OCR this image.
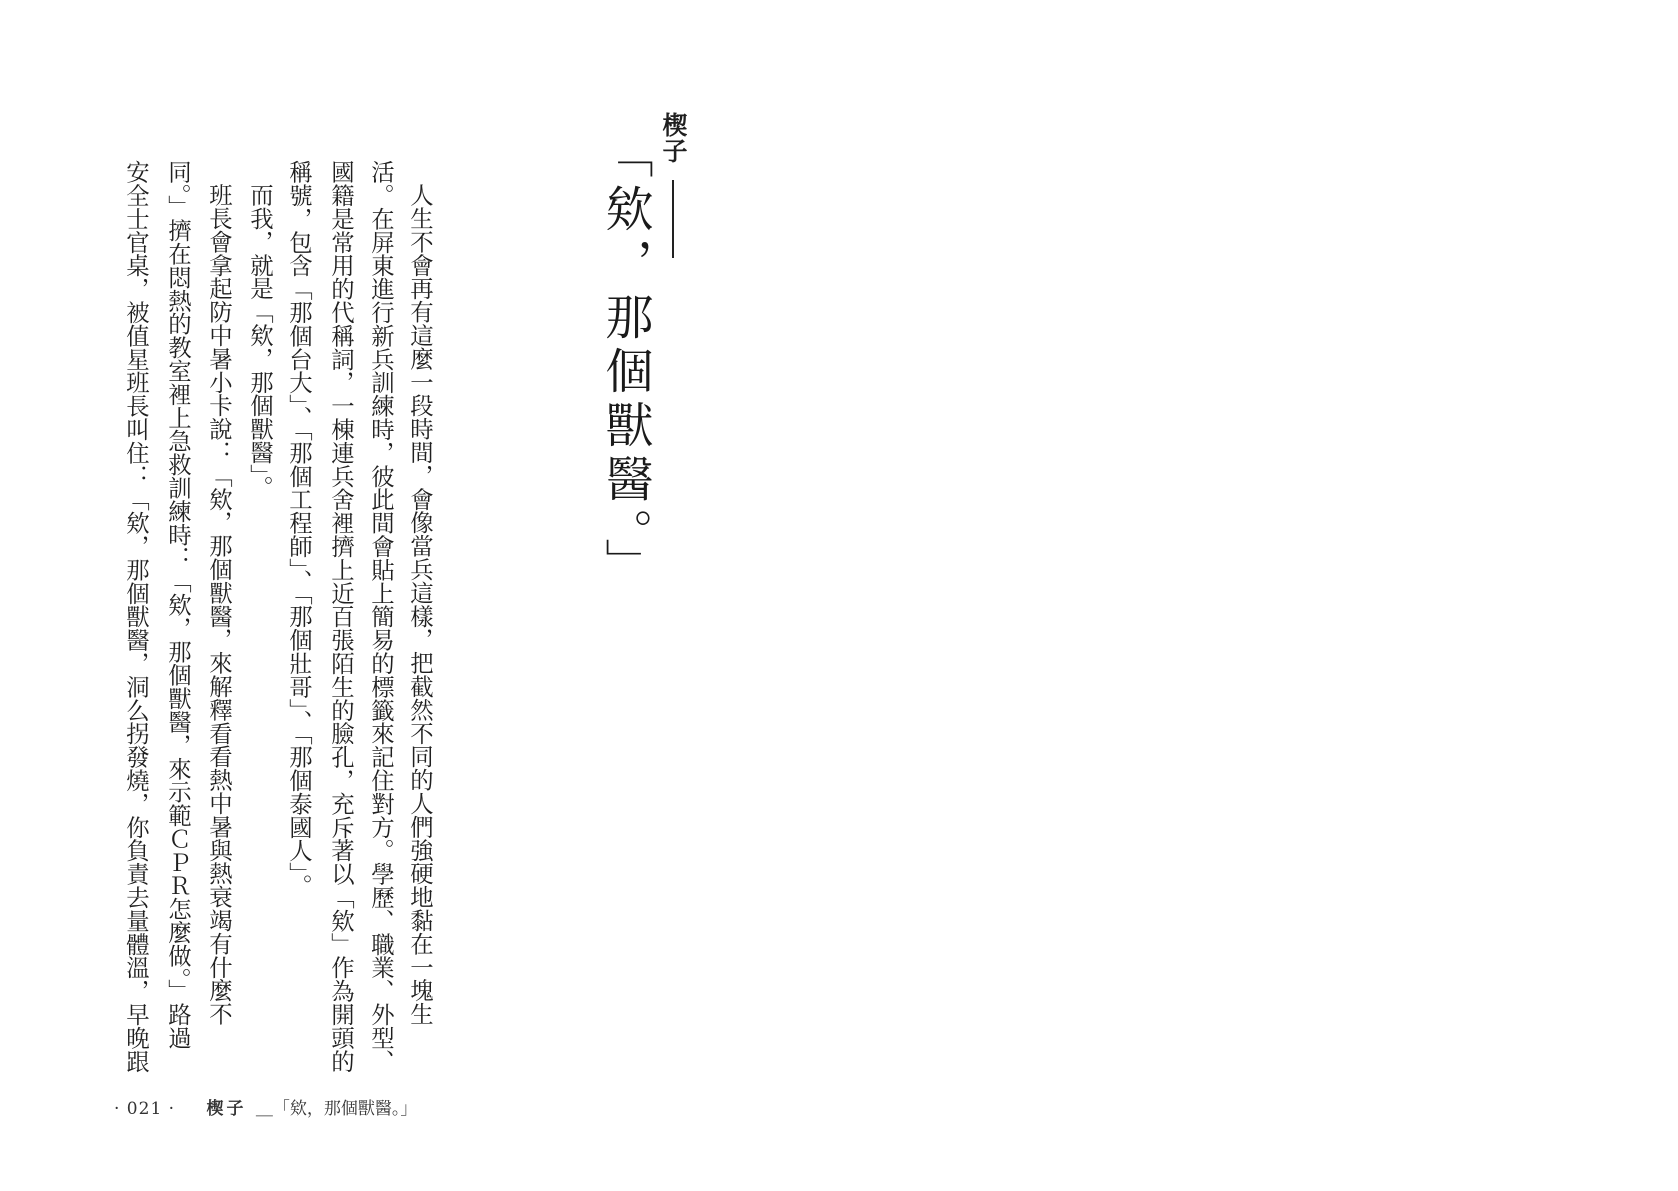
楔子
「欸，那個獸醫。」
人生不會再有這麼一段時間，會像當兵這樣，把截然不同的人們強硬地黏在一塊生
活。在屏東進行新兵訓練時，彼此間會貼上簡易的標籤來記住對方。學歷、職業、外型、
國籍是常用的代稱詞，一棟連兵舍裡擠上近百張陌生的臉孔，充斥著以「欸」作為開頭的
稱號，包含「那個台大」、「那個工程師」、「那個壯哥」、「那個泰國人」。
而我，就是「欸，那個獸醫」。
班長會拿起防中暑小卡說：「欸，那個獸醫，來解釋看看熱中暑與熱衰竭有什麼不
同。」擠在悶熱的教室裡上急救訓練時：「欸，那個獸醫，來示範ＣＰＲ怎麼做。」路過
安全士官桌，被值星班長叫住：「欸，那個獸醫，洞么拐發燒，你負責去量體溫，早晚跟
· 021 · 楔子 ＿「欸，那個獸醫。」
